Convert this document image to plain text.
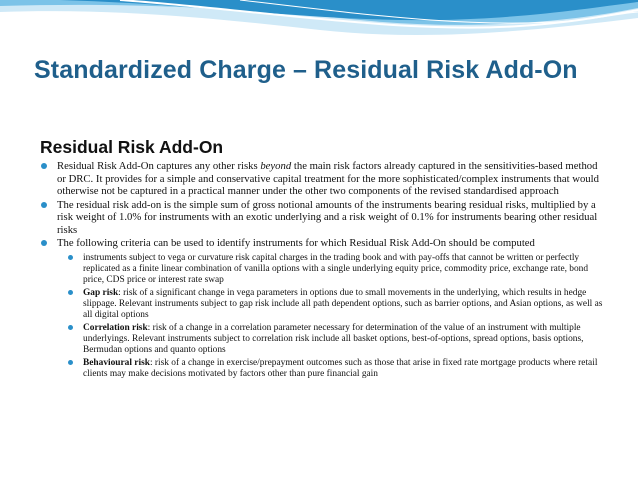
Standardized Charge – Residual Risk Add-On
Residual Risk Add-On
Residual Risk Add-On captures any other risks beyond the main risk factors already captured in the sensitivities-based method or DRC. It provides for a simple and conservative capital treatment for the more sophisticated/complex instruments that would otherwise not be captured in a practical manner under the other two components of the revised standardised approach
The residual risk add-on is the simple sum of gross notional amounts of the instruments bearing residual risks, multiplied by a risk weight of 1.0% for instruments with an exotic underlying and a risk weight of 0.1% for instruments bearing other residual risks
The following criteria can be used to identify instruments for which Residual Risk Add-On should be computed
instruments subject to vega or curvature risk capital charges in the trading book and with pay-offs that cannot be written or perfectly replicated as a finite linear combination of vanilla options with a single underlying equity price, commodity price, exchange rate, bond price, CDS price or interest rate swap
Gap risk: risk of a significant change in vega parameters in options due to small movements in the underlying, which results in hedge slippage. Relevant instruments subject to gap risk include all path dependent options, such as barrier options, and Asian options, as well as all digital options
Correlation risk: risk of a change in a correlation parameter necessary for determination of the value of an instrument with multiple underlyings. Relevant instruments subject to correlation risk include all basket options, best-of-options, spread options, basis options, Bermudan options and quanto options
Behavioural risk: risk of a change in exercise/prepayment outcomes such as those that arise in fixed rate mortgage products where retail clients may make decisions motivated by factors other than pure financial gain
